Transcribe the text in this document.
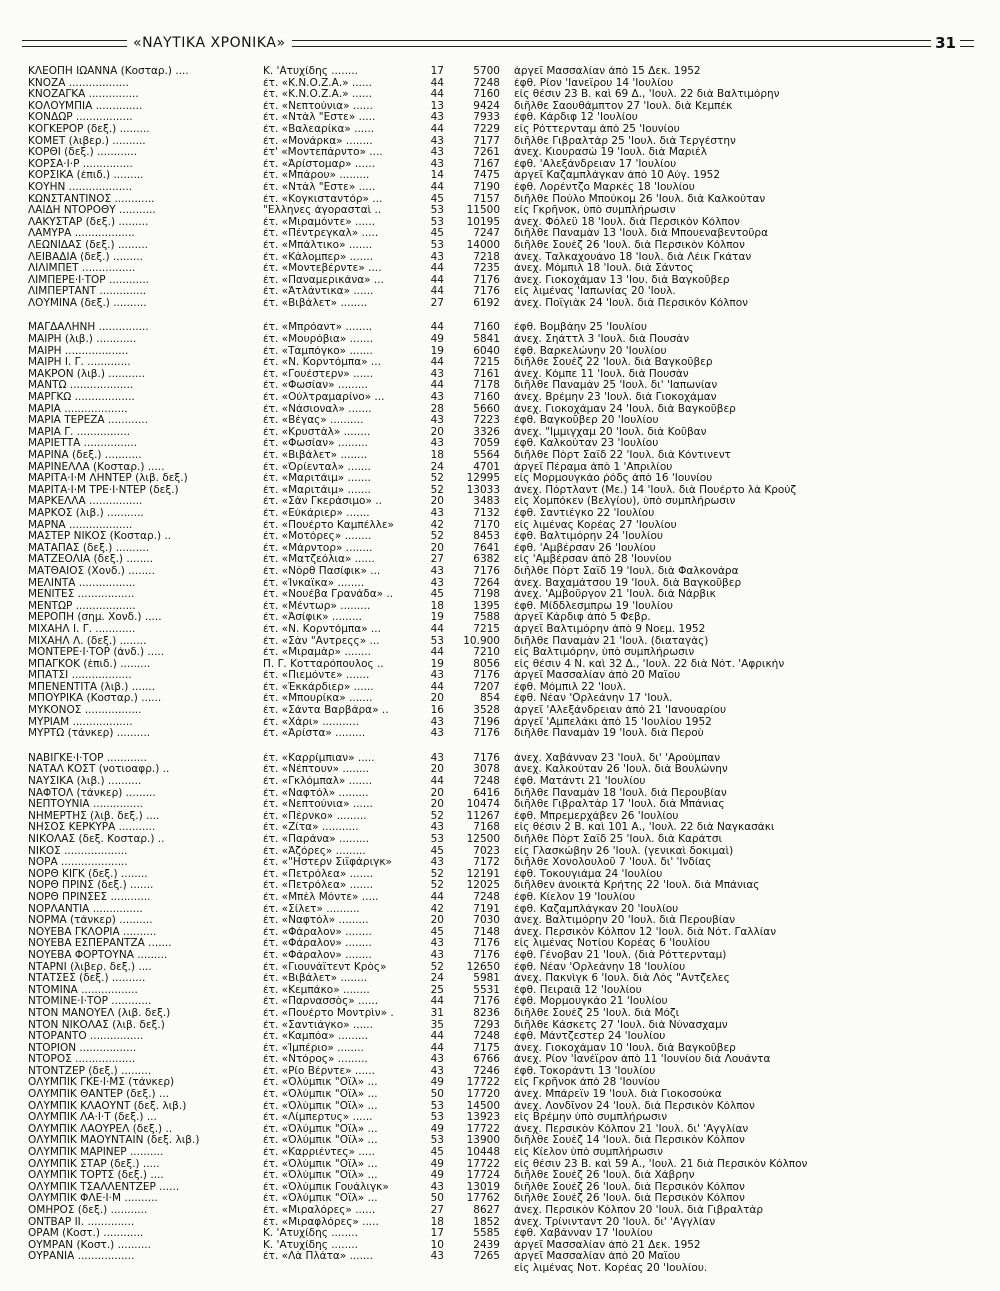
«ΝΑΥΤΙΚΑ ΧΡΟΝΙΚΑ»	31
ΚΛΕΟΠΗ ΙΩΑΝΝΑ (Κοσταρ.) ....	Κ. 'Ατυχίδης ........	17	5700	ἀργεῖ Μασσαλίαν ἀπὸ 15 Δεκ. 1952
ΚΝΟΖΑ ..................	ἐτ. «Κ.Ν.Ο.Ζ.Α.» ......	44	7248	ἐφθ. Ρίον 'Ιανεΐρου 14 'Ιουλίου
ΚΝΟΖΑΓΚΑ ...............	ἐτ. «Κ.Ν.Ο.Ζ.Α.» ......	44	7160	εἰς θέσιν 23 Β. καὶ 69 Δ., 'Ιουλ. 22 διὰ Βαλτιμόρην
ΚΟΛΟΥΜΠΙΑ ..............	ἐτ. «Νεπτούνια» ......	13	9424	διῆλθε Σαουθάμπτον 27 'Ιουλ. διὰ Κεμπέκ
ΚΟΝΔΩΡ .................	ἐτ. «Ντὰλ "Εστε» .....	43	7933	ἐφθ. Κάρδιφ 12 'Ιουλίου
ΚΟΓΚΕΡΟΡ (δεξ.) .........	ἐτ. «Βαλεαρίκα» ......	44	7229	εἰς Ρόττερνταμ ἀπὸ 25 'Ιουνίου
ΚΟΜΕΤ (λιβερ.) ..........	ἐτ. «Μονάρκα» ........	43	7177	διῆλθε Γιβραλτὰρ 25 'Ιουλ. διὰ Τεργέστην
ΚΟΡΘΙ (δεξ.) ............	ἐτ' «Μοντεπάρντο» ....	43	7261	ἀνεχ. Κιουρασὼ 19 'Ιουλ. διὰ Μαριέλ
ΚΟΡΣΑ·Ι·Ρ ...............	ἐτ. «Ἀρίστομαρ» ......	43	7167	ἐφθ. 'Αλεξάνδρειαν 17 'Ιουλίου
ΚΟΡΣΙΚΑ (ἐπιδ.) .........	ἐτ. «Μπάρου» .........	14	7475	ἀργεῖ Καζαμπλάγκαν ἀπὸ 10 Αὐγ. 1952
ΚΟΥΗΝ ...................	ἐτ. «Ντὰλ "Εστε» .....	44	7190	ἐφθ. Λορέντζο Μαρκὲς 18 'Ιουλίου
ΚΩΝΣΤΑΝΤΙΝΟΣ ............	ἐτ. «Κογκισταντόρ» ...	45	7157	διῆλθε Πούλο Μπούκομ 26 'Ιουλ. διὰ Καλκούταν
ΛΑΙΔΗ ΝΤΟΡΟΘΥ ...........	"Ελληνες ἀγορασταὶ ..	53	11500	εἰς Γκρῆνοκ, ὑπὸ συμπλήρωσιν
ΛΑΚΥΣΤΑΡ (δεξ.) .........	ἐτ. «Μιραμόντε» ......	53	10195	ἀνεχ. Φόλεϋ 18 'Ιουλ. διὰ Περσικὸν Κόλπον
ΛΑΜΥΡΑ ..................	ἐτ. «Πέντρεγκαλ» .....	45	7247	διῆλθε Παναμὰν 13 'Ιουλ. διὰ Μπουεναβεντοῦρα
ΛΕΩΝΙΔΑΣ (δεξ.) .........	ἐτ. «Μπάλτικο» .......	53	14000	διῆλθε Σουὲζ 26 'Ιουλ. διὰ Περσικὸν Κόλπον
ΛΕΙΒΑΔΙΑ (δεξ.) .........	ἐτ. «Κάλομπερ» .......	43	7218	ἀνεχ. Ταλκαχουάνο 18 'Ιουλ. διὰ Λέικ Γκάταν
ΛΙΛΙΜΠΕΤ ................	ἐτ. «Μοντεβέρντε» ....	44	7235	ἀνεχ. Μόμπιλ 18 'Ιουλ. διὰ Σάντος
ΛΙΜΠΕΡΕ·Ι·ΤΟΡ ............	ἐτ. «Παναμερικάνα» ...	44	7176	ἀνεχ. Γιοκοχάμαν 13 'Ιου. διὰ Βαγκοῦβερ
ΛΙΜΠΕΡΤΑΝΤ ..............	ἐτ. «Ἀτλάντικα» ......	44	7176	εἰς λιμένας 'Ιαπωνίας 20 'Ιουλ.
ΛΟΥΜΙΝΑ (δεξ.) ..........	ἐτ. «Βιβάλετ» ........	27	6192	ἀνεχ. Ποϊγιὰκ 24 'Ιουλ. διὰ Περσικὸν Κόλπον
ΜΑΓΔΑΛΗΝΗ ...............	ἐτ. «Μπρόαντ» ........	44	7160	ἐφθ. Βομβάην 25 'Ιουλίου
ΜΑΙΡΗ (λιβ.) ............	ἐτ. «Μουρόβια» .......	49	5841	ἀνεχ. Σηάττλ 3 'Ιουλ. διὰ Πουσὰν
ΜΑΙΡΗ ...................	ἐτ. «Ταμπόγκο» .......	19	6040	ἐφθ. Βαρκελώνην 20 'Ιουλίου
ΜΑΙΡΗ Ι. Γ. .............	ἐτ. «Ν. Κορντόμπα» ...	44	7215	διῆλθε Σουὲζ 22 'Ιουλ. διὰ Βαγκοῦβερ
ΜΑΚΡΟΝ (λιβ.) ...........	ἐτ. «Γουέστερν» ......	43	7161	ἀνεχ. Κόμπε 11 'Ιουλ. διὰ Πουσὰν
ΜΑΝΤΩ ...................	ἐτ. «Φωσίαν» .........	44	7178	διῆλθε Παναμὰν 25 'Ιουλ. δι' 'Ιαπωνίαν
ΜΑΡΓΚΩ ..................	ἐτ. «Οὐλτραμαρίνο» ...	43	7160	ἀνεχ. Βρέμην 23 'Ιουλ. διὰ Γιοκοχάμαν
ΜΑΡΙΑ ...................	ἐτ. «Νάσιοναλ» .......	28	5660	ἀνεχ. Γιοκοχάμαν 24 'Ιουλ. διὰ Βαγκοῦβερ
ΜΑΡΙΑ ΤΕΡΕΖΑ ............	ἐτ. «Βέγας» ..........	43	7223	ἐφθ. Βαγκοῦβερ 20 'Ιουλίου
ΜΑΡΙΑ Γ. ................	ἐτ. «Κρυστὰλ» ........	20	3326	ἀνεχ. "Ιμμιγχαμ 20 'Ιουλ. διὰ Κοῦβαν
ΜΑΡΙΕΤΤΑ ................	ἐτ. «Φωσίαν» .........	43	7059	ἐφθ. Καλκούταν 23 'Ιουλίου
ΜΑΡΙΝΑ (δεξ.) ...........	ἐτ. «Βιβάλετ» ........	18	5564	διῆλθε Πὸρτ Σαΐδ 22 'Ιουλ. διὰ Κόντινεντ
ΜΑΡΙΝΕΛΛΑ (Κοσταρ.) .....	ἐτ. «Ὀρίενταλ» .......	24	4701	ἀργεῖ Πέραμα ἀπὸ 1 'Απριλίου
ΜΑΡΙΤΑ·Ι·Μ ΛΗΝΤΕΡ (λιβ. δεξ.)	ἐτ. «Μαριτάιμ» .......	52	12995	εἰς Μορμουγκάο ῥόδς ἀπὸ 16 'Ιουνίου
ΜΑΡΙΤΑ·Ι·Μ ΤΡΕ·Ι·ΝΤΕΡ (δεξ.)	ἐτ. «Μαριτάιμ» .......	52	13033	ἀνεχ. Πόρτλαντ (Με.) 14 'Ιουλ. διὰ Πουέρτο λὰ Κρούζ
ΜΑΡΚΕΛΛΑ ................	ἐτ. «Σὰν Γκεράσιμο» ..	20	3483	εἰς Χομπόκεν (Βελγίου), ὑπὸ συμπλήρωσιν
ΜΑΡΚΟΣ (λιβ.) ...........	ἐτ. «Εὐκάριερ» .......	43	7132	ἐφθ. Σαντιέγκο 22 'Ιουλίου
ΜΑΡΝΑ ...................	ἐτ. «Πουέρτο Καμπέλλε»	42	7170	εἰς λιμένας Κορέας 27 'Ιουλίου
ΜΑΣΤΕΡ ΝΙΚΟΣ (Κοσταρ.) ..	ἐτ. «Μοτόρες» ........	52	8453	ἐφθ. Βαλτιμόρην 24 'Ιουλίου
ΜΑΤΑΠΑΣ (δεξ.) ..........	ἐτ. «Μάρντορ» ........	20	7641	ἐφθ. 'Αμβέρσαν 26 'Ιουλίου
ΜΑΤΖΕΟΛΙΑ (δεξ.) ........	ἐτ. «Ματζεόλια» ......	27	6382	εἰς 'Αμβέρσαν ἀπὸ 28 'Ιουνίου
ΜΑΤΘΑΙΟΣ (Χονδ.) ........	ἐτ. «Νὸρθ Πασίφικ» ...	43	7176	διῆλθε Πὸρτ Σαΐδ 19 'Ιουλ. διὰ Φαλκονάρα
ΜΕΛΙΝΤΑ .................	ἐτ. «Ἰνκαϊκα» ........	43	7264	ἀνεχ. Βαχαμάτσου 19 'Ιουλ. διὰ Βαγκοῦβερ
ΜΕΝΙΤΕΣ .................	ἐτ. «Νουέβα Γρανάδα» ..	45	7198	ἀνεχ. 'Αμβοῦργον 21 'Ιουλ. διὰ Νάρβικ
ΜΕΝΤΩΡ ..................	ἐτ. «Μέντωρ» .........	18	1395	ἐφθ. Μίδδλεσμπρω 19 'Ιουλίου
ΜΕΡΟΠΗ (σημ. Χονδ.) .....	ἐτ. «Ἀσίφικ» .........	19	7588	ἀργεῖ Κάρδιφ ἀπὸ 5 Φεβρ.
ΜΙΧΑΗΛ Ι. Γ. ............	ἐτ. «Ν. Κορντόμπα» ...	44	7215	ἀργεῖ Βαλτιμόρην ἀπὸ 9 Νοεμ. 1952
ΜΙΧΑΗΛ Λ. (δεξ.) ........	ἐτ. «Σὰν "Αντρεςς» ...	53	10.900	διῆλθε Παναμὰν 21 'Ιουλ. (διαταγὰς)
ΜΟΝΤΕΡΕ·Ι·ΤΟΡ (ἀνδ.) .....	ἐτ. «Μιραμὰρ» ........	44	7210	εἰς Βαλτιμόρην, ὑπὸ συμπλήρωσιν
ΜΠΑΓΚΟΚ (ἐπιδ.) .........	Π. Γ. Κοτταρόπουλος ..	19	8056	εἰς θέσιν 4 Ν. καὶ 32 Δ., 'Ιουλ. 22 διὰ Νότ. 'Αφρικὴν
ΜΠΑΤΣΙ ..................	ἐτ. «Πιεμόντε» .......	43	7176	ἀργεῖ Μασσαλίαν ἀπὸ 20 Μαΐου
ΜΠΕΝΕΝΤΙΤΑ (λιβ.) .......	ἐτ. «Ἐκκάρδιερ» ......	44	7207	ἐφθ. Μόμπιλ 22 'Ιουλ.
ΜΠΟΥΡΙΚΑ (Κοσταρ.) ......	ἐτ. «Μπουρίκα» .......	20	854	ἐφθ. Νέαν 'Ορλεάνην 17 'Ιουλ.
ΜΥΚΟΝΟΣ .................	ἐτ. «Σάντα Βαρβάρα» ..	16	3528	ἀργεῖ 'Αλεξάνδρειαν ἀπὸ 21 'Ιανουαρίου
ΜΥΡΙΑΜ ..................	ἐτ. «Χάρι» ...........	43	7196	ἀργεῖ 'Αμπελάκι ἀπὸ 15 'Ιουλίου 1952
ΜΥΡΤΩ (τάνκερ) ..........	ἐτ. «Ἀρίστα» .........	43	7176	διῆλθε Παναμὰν 19 'Ιουλ. διὰ Περοὺ
ΝΑΒΙΓΚΕ·Ι·ΤΟΡ ............	ἐτ. «Καρρίμπιαν» .....	43	7176	ἀνεχ. Χαβάνναν 23 'Ιουλ. δι' 'Αρούμπαν
ΝΑΤΑΛ ΚΟΣΤ (νοτιοαφρ.) ..	ἐτ. «Νέπτουν» ........	20	3078	ἀνεχ. Καλκούταν 26 'Ιουλ. διὰ Βουλώνην
ΝΑΥΣΙΚΑ (λιβ.) ..........	ἐτ. «Γκλόμπαλ» .......	44	7248	ἐφθ. Ματάντι 21 'Ιουλίου
ΝΑΦΤΟΛ (τάνκερ) .........	ἐτ. «Ναφτόλ» .........	20	6416	διῆλθε Παναμὰν 18 'Ιουλ. διὰ Περουβίαν
ΝΕΠΤΟΥΝΙΑ ...............	ἐτ. «Νεπτούνια» ......	20	10474	διῆλθε Γιβραλτὰρ 17 'Ιουλ. διὰ Μπάνιας
ΝΗΜΕΡΤΗΣ (λιβ. δεξ.) ....	ἐτ. «Πέρνκο» .........	52	11267	ἐφθ. Μπρεμερχάβεν 26 'Ιουλίου
ΝΗΣΟΣ ΚΕΡΚΥΡΑ ...........	ἐτ. «Ζίτα» ...........	43	7168	εἰς θέσιν 2 Β. καὶ 101 Α., 'Ιουλ. 22 διὰ Ναγκασάκι
ΝΙΚΟΛΑΣ (δεξ. Κοσταρ.) ..	ἐτ. «Παράνα» .........	53	12500	διῆλθε Πὸρτ Σαΐδ 25 'Ιουλ. διὰ Καράτσι
ΝΙΚΟΣ ...................	ἐτ. «Ἀζόρες» .........	45	7023	εἰς Γλασκώβην 26 'Ιουλ. (γενικαὶ δοκιμαὶ)
ΝΟΡΑ ....................	ἐτ. «"Ηστερν Σιϊφάριγκ»	43	7172	διῆλθε Χονολουλοῦ 7 'Ιουλ. δι' 'Ινδίας
ΝΟΡΘ ΚΙΓΚ (δεξ.) ........	ἐτ. «Πετρόλεα» .......	52	12191	ἐφθ. Τοκουγιάμα 24 'Ιουλίου
ΝΟΡΘ ΠΡΙΝΣ (δεξ.) .......	ἐτ. «Πετρόλεα» .......	52	12025	διῆλθεν ἀνοικτὰ Κρήτης 22 'Ιουλ. διὰ Μπάνιας
ΝΟΡΘ ΠΡΙΝΣΕΣ ............	ἐτ. «Μπὲλ Μόντε» .....	44	7248	ἐφθ. Κίελον 19 'Ιουλίου
ΝΟΡΛΑΝΤΙΑ ...............	ἐτ. «Σίλετ» ..........	42	7191	ἐφθ. Καζαμπλάγκαν 20 'Ιουλίου
ΝΟΡΜΑ (τάνκερ) ..........	ἐτ. «Ναφτόλ» .........	20	7030	ἀνεχ. Βαλτιμόρην 20 'Ιουλ. διὰ Περουβίαν
ΝΟΥΕΒΑ ΓΚΛΟΡΙΑ ..........	ἐτ. «Φάραλον» ........	45	7148	ἀνεχ. Περσικὸν Κόλπον 12 'Ιουλ. διὰ Νότ. Γαλλίαν
ΝΟΥΕΒΑ ΕΣΠΕΡΑΝΤΖΑ .......	ἐτ. «Φάραλον» ........	43	7176	εἰς λιμένας Νοτίου Κορέας 6 'Ιουλίου
ΝΟΥΕΒΑ ΦΟΡΤΟΥΝΑ .........	ἐτ. «Φάραλον» ........	43	7176	ἐφθ. Γένοβαν 21 'Ιουλ. (διὰ Ρόττερνταμ)
ΝΤΑΡΝΙ (λιβερ. δεξ.) ....	ἐτ. «Γιουνάϊτεντ Κρὸς»	52	12650	ἐφθ. Νέαν 'Ορλεάνην 18 'Ιουλίου
ΝΤΑΤΣΕΣ (δεξ.) ..........	ἐτ. «Βιβάλετ» ........	24	5981	ἀνεχ. Πακνὶγκ 6 'Ιουλ. διὰ Λὸς "Αντζελες
ΝΤΟΜΙΝΑ .................	ἐτ. «Κεμπάκο» ........	25	5531	ἐφθ. Πειραιᾶ 12 'Ιουλίου
ΝΤΟΜΙΝΕ·Ι·ΤΟΡ ............	ἐτ. «Παρνασσὸς» ......	44	7176	ἐφθ. Μορμουγκάο 21 'Ιουλίου
ΝΤΟΝ ΜΑΝΟΥΕΛ (λιβ. δεξ.)	ἐτ. «Πουέρτο Μοντρὶν» .	31	8236	διῆλθε Σουὲζ 25 'Ιουλ. διὰ Μόζι
ΝΤΟΝ ΝΙΚΟΛΑΣ (λιβ. δεξ.)	ἐτ. «Σαντιάγκο» ......	35	7293	διῆλθε Κάσκετς 27 'Ιουλ. διὰ Νύνασχαμν
ΝΤΟΡΑΝΤΟ ................	ἐτ. «Καμπόα» .........	44	7248	ἐφθ. Μάντζεστερ 24 'Ιουλίου
ΝΤΟΡΙΟΝ .................	ἐτ. «Ἰμπέριο» ........	44	7175	ἀνεχ. Γιοκοχάμαν 10 'Ιουλ. διὰ Βαγκοῦβερ
ΝΤΟΡΟΣ ..................	ἐτ. «Ντόρος» .........	43	6766	ἀνεχ. Ρίον 'Ιανέϊρον ἀπὸ 11 'Ιουνίου διὰ Λουάντα
ΝΤΟΝΤΖΕΡ (δεξ.) .........	ἐτ. «Ρίο Βέρντε» ......	43	7246	ἐφθ. Τοκοράντι 13 'Ιουλίου
ΟΛΥΜΠΙΚ ΓΚΕ·Ι·ΜΣ (τάνκερ)	ἐτ. «Ὀλύμπικ "Οϊλ» ...	49	17722	εἰς Γκρῆνοκ ἀπὸ 28 'Ιουνίου
ΟΛΥΜΠΙΚ ΘΑΝΤΕΡ (δεξ.) ...	ἐτ. «Ὀλύμπικ "Οϊλ» ...	50	17720	ἀνεχ. Μπάρεϊν 19 'Ιουλ. διὰ Γιοκοσούκα
ΟΛΥΜΠΙΚ ΚΛΑΟΥΝΤ (δεξ. λιβ.)	ἐτ. «Ὀλύμπικ "Οϊλ» ...	53	14500	ἀνεχ. Λονδῖνον 24 'Ιουλ. διὰ Περσικὸν Κόλπον
ΟΛΥΜΠΙΚ ΛΑ·Ι·Τ (δεξ.) ...	ἐτ. «Λίμπερτυς» ......	53	13923	εἰς Βρέμην ὑπὸ συμπλήρωσιν
ΟΛΥΜΠΙΚ ΛΑΟΥΡΕΛ (δεξ.) ..	ἐτ. «Ὀλύμπικ "Οϊλ» ...	49	17722	ἀνεχ. Περσικὸν Κόλπον 21 'Ιουλ. δι' 'Αγγλίαν
ΟΛΥΜΠΙΚ ΜΑΟΥΝΤΑΙΝ (δεξ. λιβ.)	ἐτ. «Ὀλύμπικ "Οϊλ» ...	53	13900	διῆλθε Σουὲζ 14 'Ιουλ. διὰ Περσικὸν Κόλπον
ΟΛΥΜΠΙΚ ΜΑΡΙΝΕΡ ..........	ἐτ. «Καρριέντες» .....	45	10448	εἰς Κίελον ὑπὸ συμπλήρωσιν
ΟΛΥΜΠΙΚ ΣΤΑΡ (δεξ.) .....	ἐτ. «Ὀλύμπικ "Οϊλ» ...	49	17722	εἰς θέσιν 23 Β. καὶ 59 Α., 'Ιουλ. 21 διὰ Περσικὸν Κόλπον
ΟΛΥΜΠΙΚ ΤΟΡΤΣ (δεξ.) ....	ἐτ. «Ὀλύμπικ "Οϊλ» ...	49	17724	διῆλθε Σουὲζ 26 'Ιουλ. διὰ Χάβρην
ΟΛΥΜΠΙΚ ΤΣΑΛΛΕΝΤΖΕΡ ......	ἐτ. «Ὀλύμπικ Γουάλιγκ»	43	13019	διῆλθε Σουὲζ 26 'Ιουλ. διὰ Περσικὸν Κόλπον
ΟΛΥΜΠΙΚ ΦΛΕ·Ι·Μ ..........	ἐτ. «Ὀλύμπικ "Οϊλ» ...	50	17762	διῆλθε Σουὲζ 26 'Ιουλ. διὰ Περσικὸν Κόλπον
ΟΜΗΡΟΣ (δεξ.) ...........	ἐτ. «Μιραλόρες» ......	27	8627	ἀνεχ. Περσικὸν Κόλπον 20 'Ιουλ. διὰ Γιβραλτὰρ
ΟΝΤΒΑΡ ΙΙ. ..............	ἐτ. «Μιραφλόρες» .....	18	1852	ἀνεχ. Τρίνινταντ 20 'Ιουλ. δι' 'Αγγλίαν
ΟΡΑΜ (Κοστ.) ............	Κ. 'Ατυχίδης ........	17	5585	ἐφθ. Χαβάνναν 17 'Ιουλίου
ΟΥΜΡΑΝ (Κοστ.) ..........	Κ. 'Ατυχίδης ........	10	2439	ἀργεῖ Μασσαλίαν ἀπὸ 21 Δεκ. 1952
ΟΥΡΑΝΙΑ .................	ἐτ. «Λὰ Πλάτα» .......	43	7265	ἀργεῖ Μασσαλίαν ἀπὸ 20 Μαΐου
εἰς λιμένας Νοτ. Κορέας 20 'Ιουλίου.
